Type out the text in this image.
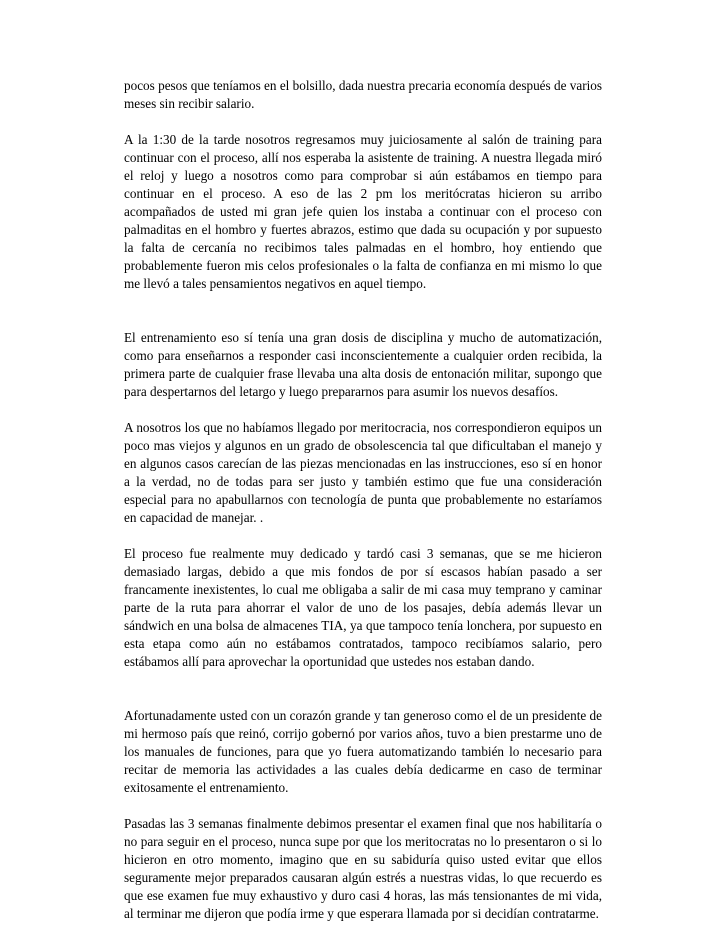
pocos pesos que teníamos en el bolsillo, dada nuestra precaria economía después de varios meses sin recibir salario.

A la 1:30 de la tarde nosotros regresamos muy juiciosamente al salón de training para continuar con el proceso, allí nos esperaba la asistente de training. A nuestra llegada miró el reloj y luego a nosotros como para comprobar si aún estábamos en tiempo para continuar en el proceso. A eso de las 2 pm los meritócratas hicieron su arribo acompañados de usted mi gran jefe quien los instaba a continuar con el proceso con palmaditas en el hombro y fuertes abrazos, estimo que dada su ocupación y por supuesto la falta de cercanía no recibimos tales palmadas en el hombro, hoy entiendo que probablemente fueron mis celos profesionales o la falta de confianza en mi mismo lo que me llevó a tales pensamientos negativos en aquel tiempo.

El entrenamiento eso sí tenía una gran dosis de disciplina y mucho de automatización, como para enseñarnos a responder casi inconscientemente a cualquier orden recibida, la primera parte de cualquier frase llevaba una alta dosis de entonación militar, supongo que para despertarnos del letargo y luego prepararnos para asumir los nuevos desafíos.

A nosotros los que no habíamos llegado por meritocracia, nos correspondieron equipos un poco mas viejos y algunos en un grado de obsolescencia tal que dificultaban el manejo y en algunos casos carecían de las piezas mencionadas en las instrucciones, eso sí en honor a la verdad, no de todas para ser justo y también estimo que fue una consideración especial para no apabullarnos con tecnología de punta que probablemente no estaríamos en capacidad de manejar. .

El proceso fue realmente muy dedicado y tardó casi 3 semanas, que se me hicieron demasiado largas, debido a que mis fondos de por sí escasos habían pasado a ser francamente inexistentes, lo cual me obligaba a salir de mi casa muy temprano y caminar parte de la ruta para ahorrar el valor de uno de los pasajes, debía además llevar un sándwich en una bolsa de almacenes TIA, ya que tampoco tenía lonchera, por supuesto en esta etapa como aún no estábamos contratados, tampoco recibíamos salario, pero estábamos allí para aprovechar la oportunidad que ustedes nos estaban dando.

Afortunadamente usted con un corazón grande y tan generoso como el de un presidente de mi hermoso país que reinó, corrijo gobernó por varios años, tuvo a bien prestarme uno de los manuales de funciones, para que yo fuera automatizando también lo necesario para recitar de memoria las actividades a las cuales debía dedicarme en caso de terminar exitosamente el entrenamiento.

Pasadas las 3 semanas finalmente debimos presentar el examen final que nos habilitaría o no para seguir en el proceso, nunca supe por que los meritocratas no lo presentaron o si lo hicieron en otro momento, imagino que en su sabiduría quiso usted evitar que ellos seguramente mejor preparados causaran algún estrés a nuestras vidas, lo que recuerdo es que ese examen fue muy exhaustivo y duro casi 4 horas, las más tensionantes de mi vida, al terminar me dijeron que podía irme y que esperara llamada por si decidían contratarme.
